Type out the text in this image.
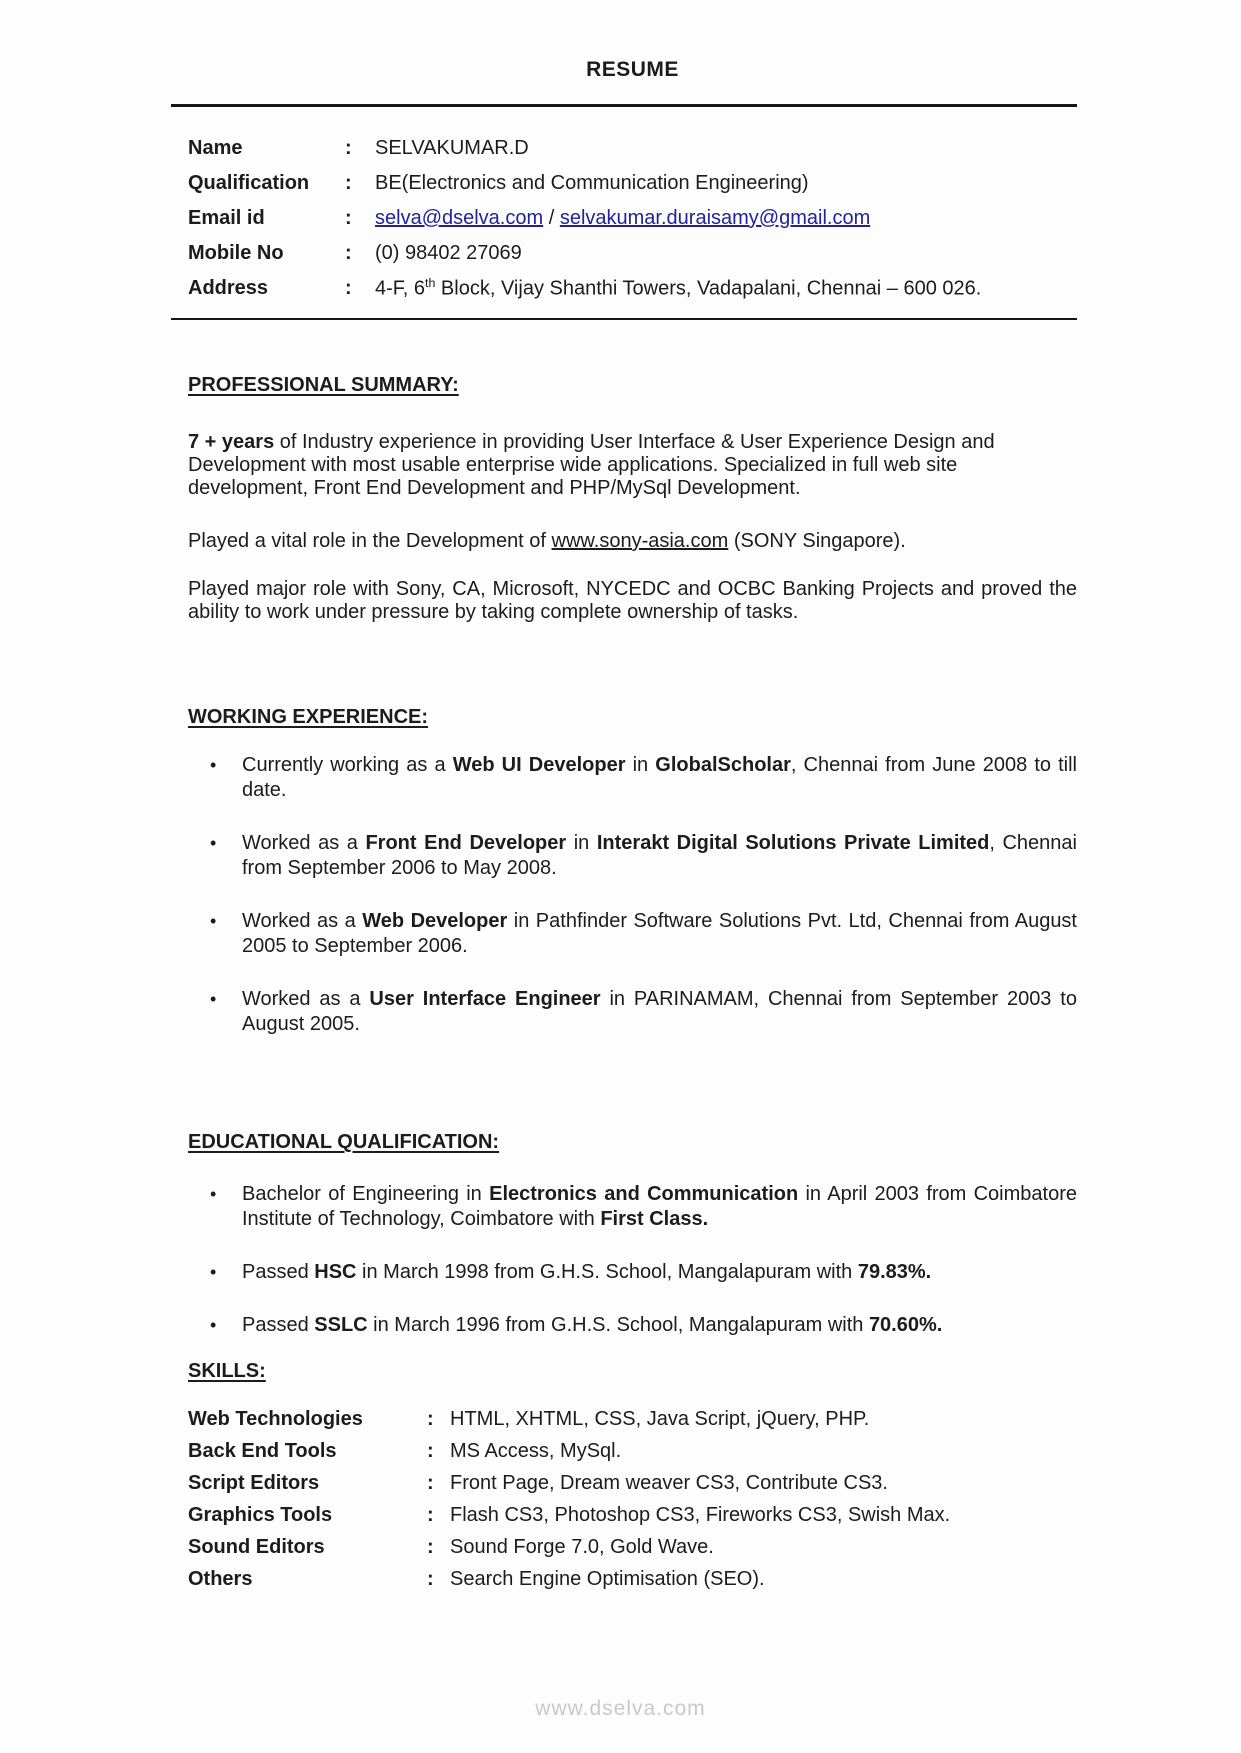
RESUME
Name	:	SELVAKUMAR.D
Qualification	:	BE(Electronics and Communication Engineering)
Email id	:	selva@dselva.com / selvakumar.duraisamy@gmail.com
Mobile No	:	(0) 98402 27069
Address	:	4-F, 6th Block, Vijay Shanthi Towers, Vadapalani, Chennai – 600 026.
PROFESSIONAL SUMMARY:

7 + years of Industry experience in providing User Interface & User Experience Design and Development with most usable enterprise wide applications. Specialized in full web site development, Front End Development and PHP/MySql Development.

Played a vital role in the Development of www.sony-asia.com (SONY Singapore).

Played major role with Sony, CA, Microsoft, NYCEDC and OCBC Banking Projects and proved the ability to work under pressure by taking complete ownership of tasks.

WORKING EXPERIENCE:
• Currently working as a Web UI Developer in GlobalScholar, Chennai from June 2008 to till date.
• Worked as a Front End Developer in Interakt Digital Solutions Private Limited, Chennai from September 2006 to May 2008.
• Worked as a Web Developer in Pathfinder Software Solutions Pvt. Ltd, Chennai from August 2005 to September 2006.
• Worked as a User Interface Engineer in PARINAMAM, Chennai from September 2003 to August 2005.
EDUCATIONAL QUALIFICATION:
• Bachelor of Engineering in Electronics and Communication in April 2003 from Coimbatore Institute of Technology, Coimbatore with First Class.
• Passed HSC in March 1998 from G.H.S. School, Mangalapuram with 79.83%.
• Passed SSLC in March 1996 from G.H.S. School, Mangalapuram with 70.60%.
SKILLS:
Web Technologies	: HTML, XHTML, CSS, Java Script, jQuery, PHP.
Back End Tools	: MS Access, MySql.
Script Editors	: Front Page, Dream weaver CS3, Contribute CS3.
Graphics Tools	: Flash CS3, Photoshop CS3, Fireworks CS3, Swish Max.
Sound Editors	: Sound Forge 7.0, Gold Wave.
Others	: Search Engine Optimisation (SEO).
www.dselva.com
